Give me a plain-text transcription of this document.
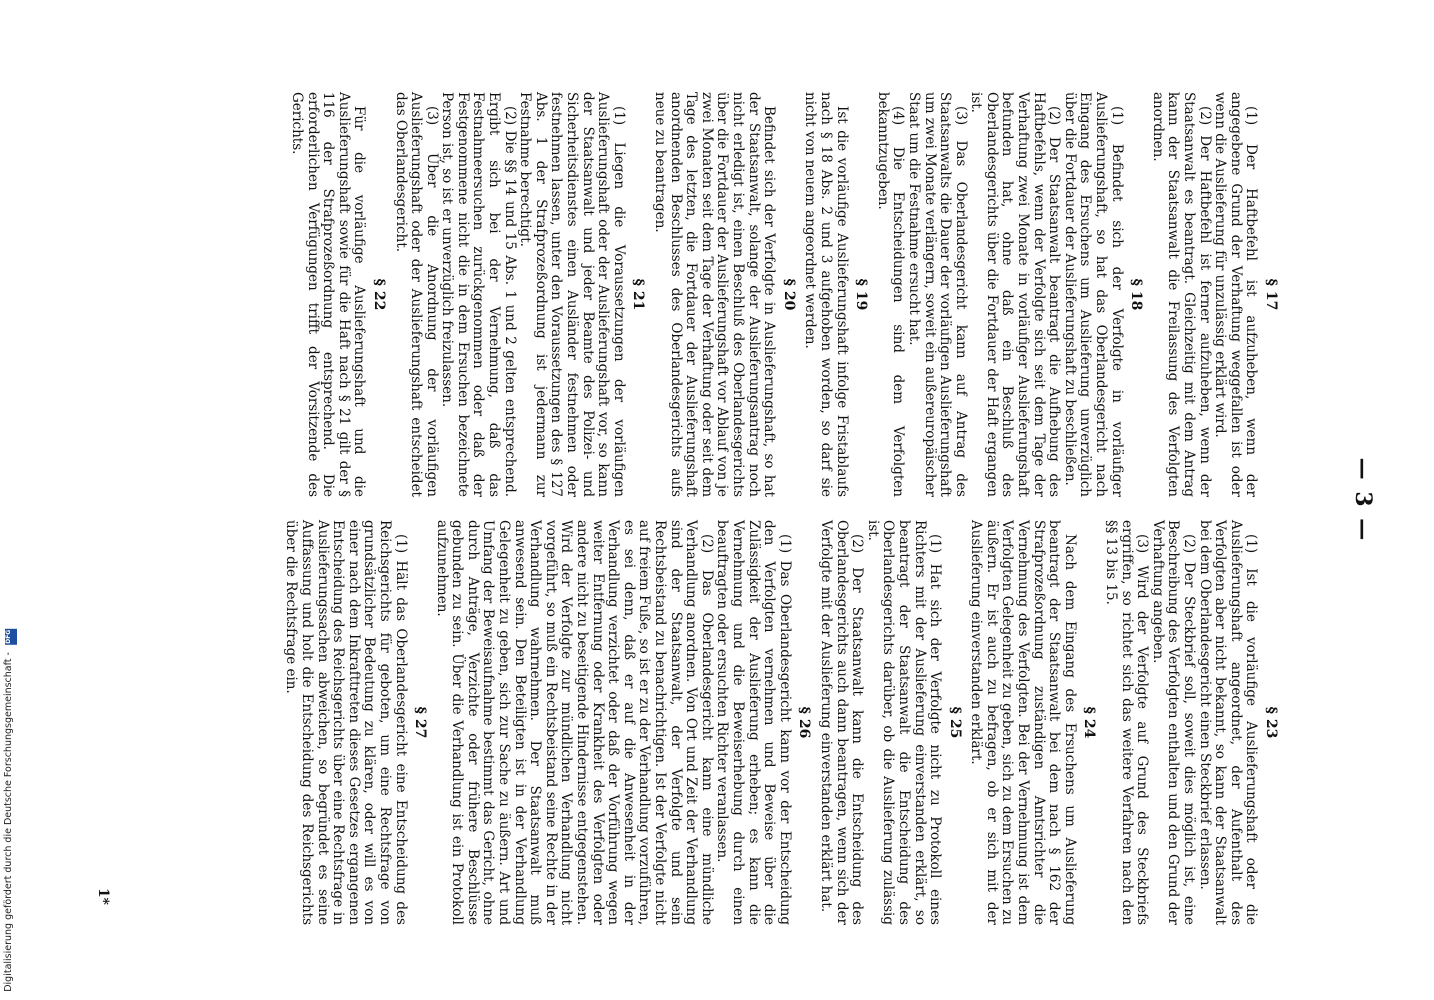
— 3 —
§ 17

(1) Der Haftbefehl ist aufzuheben, wenn der angegebene Grund der Verhaftung weggefallen ist oder wenn die Auslieferung für unzulässig erklärt wird.

(2) Der Haftbefehl ist ferner aufzuheben, wenn der Staatsanwalt es beantragt. Gleichzeitig mit dem Antrag kann der Staatsanwalt die Freilassung des Verfolgten anordnen.

§ 18

(1) Befindet sich der Verfolgte in vorläufiger Auslieferungshaft, so hat das Oberlandesgericht nach Eingang des Ersuchens um Auslieferung unverzüglich über die Fortdauer der Auslieferungshaft zu beschließen.

(2) Der Staatsanwalt beantragt die Aufhebung des Haftbefehls, wenn der Verfolgte sich seit dem Tage der Verhaftung zwei Monate in vorläufiger Auslieferungshaft befunden hat, ohne daß ein Beschluß des Oberlandesgerichts über die Fortdauer der Haft ergangen ist.

(3) Das Oberlandesgericht kann auf Antrag des Staatsanwalts die Dauer der vorläufigen Auslieferungshaft um zwei Monate verlängern, soweit ein außereuropäischer Staat um die Festnahme ersucht hat.

(4) Die Entscheidungen sind dem Verfolgten bekanntzugeben.

§ 19

Ist die vorläufige Auslieferungshaft infolge Fristablaufs nach § 18 Abs. 2 und 3 aufgehoben worden, so darf sie nicht von neuem angeordnet werden.

§ 20

Befindet sich der Verfolgte in Auslieferungshaft, so hat der Staatsanwalt, solange der Auslieferungsantrag noch nicht erledigt ist, einen Beschluß des Oberlandesgerichts über die Fortdauer der Auslieferungshaft vor Ablauf von je zwei Monaten seit dem Tage der Verhaftung oder seit dem Tage des letzten, die Fortdauer der Auslieferungshaft anordnenden Beschlusses des Oberlandesgerichts aufs neue zu beantragen.

§ 21

(1) Liegen die Voraussetzungen der vorläufigen Auslieferungshaft oder der Auslieferungshaft vor, so kann der Staatsanwalt und jeder Beamte des Polizei- und Sicherheitsdienstes einen Ausländer festnehmen oder festnehmen lassen, unter den Voraussetzungen des § 127 Abs. 1 der Strafprozeßordnung ist jedermann zur Festnahme berechtigt.

(2) Die §§ 14 und 15 Abs. 1 und 2 gelten entsprechend. Ergibt sich bei der Vernehmung, daß das Festnahmeersuchen zurückgenommen oder daß der Festgenommene nicht die in dem Ersuchen bezeichnete Person ist, so ist er unverzüglich freizulassen.

(3) Über die Anordnung der vorläufigen Auslieferungshaft oder der Auslieferungshaft entscheidet das Oberlandesgericht.

§ 22

Für die vorläufige Auslieferungshaft und die Auslieferungshaft sowie für die Haft nach § 21 gilt der § 116 der Strafprozeßordnung entsprechend. Die erforderlichen Verfügungen trifft der Vorsitzende des Gerichts.

§ 23

(1) Ist die vorläufige Auslieferungshaft oder die Auslieferungshaft angeordnet, der Aufenthalt des Verfolgten aber nicht bekannt, so kann der Staatsanwalt bei dem Oberlandesgericht einen Steckbrief erlassen.

(2) Der Steckbrief soll, soweit dies möglich ist, eine Beschreibung des Verfolgten enthalten und den Grund der Verhaftung angeben.

(3) Wird der Verfolgte auf Grund des Steckbriefs ergriffen, so richtet sich das weitere Verfahren nach den §§ 13 bis 15.

§ 24

Nach dem Eingang des Ersuchens um Auslieferung beantragt der Staatsanwalt bei dem nach § 162 der Strafprozeßordnung zuständigen Amtsrichter die Vernehmung des Verfolgten. Bei der Vernehmung ist dem Verfolgten Gelegenheit zu geben, sich zu dem Ersuchen zu äußern. Er ist auch zu befragen, ob er sich mit der Auslieferung einverstanden erklärt.

§ 25

(1) Hat sich der Verfolgte nicht zu Protokoll eines Richters mit der Auslieferung einverstanden erklärt, so beantragt der Staatsanwalt die Entscheidung des Oberlandesgerichts darüber, ob die Auslieferung zulässig ist.

(2) Der Staatsanwalt kann die Entscheidung des Oberlandesgerichts auch dann beantragen, wenn sich der Verfolgte mit der Auslieferung einverstanden erklärt hat.

§ 26

(1) Das Oberlandesgericht kann vor der Entscheidung den Verfolgten vernehmen und Beweise über die Zulässigkeit der Auslieferung erheben; es kann die Vernehmung und die Beweiserhebung durch einen beauftragten oder ersuchten Richter veranlassen.

(2) Das Oberlandesgericht kann eine mündliche Verhandlung anordnen. Von Ort und Zeit der Verhandlung sind der Staatsanwalt, der Verfolgte und sein Rechtsbeistand zu benachrichtigen. Ist der Verfolgte nicht auf freiem Fuße, so ist er zu der Verhandlung vorzuführen, es sei denn, daß er auf die Anwesenheit in der Verhandlung verzichtet oder daß der Vorführung wegen weiter Entfernung oder Krankheit des Verfolgten oder andere nicht zu beseitigende Hindernisse entgegenstehen. Wird der Verfolgte zur mündlichen Verhandlung nicht vorgeführt, so muß ein Rechtsbeistand seine Rechte in der Verhandlung wahrnehmen. Der Staatsanwalt muß anwesend sein. Den Beteiligten ist in der Verhandlung Gelegenheit zu geben, sich zur Sache zu äußern. Art und Umfang der Beweisaufnahme bestimmt das Gericht, ohne durch Anträge, Verzichte oder frühere Beschlüsse gebunden zu sein. Über die Verhandlung ist ein Protokoll aufzunehmen.

§ 27

(1) Hält das Oberlandesgericht eine Entscheidung des Reichsgerichts für geboten, um eine Rechtsfrage von grundsätzlicher Bedeutung zu klären, oder will es von einer nach dem Inkrafttreten dieses Gesetzes ergangenen Entscheidung des Reichsgerichts über eine Rechtsfrage in Auslieferungssachen abweichen, so begründet es seine Auffassung und holt die Entscheidung des Reichsgerichts über die Rechtsfrage ein.

1*
Digitalisierung gefördert durch die Deutsche Forschungsgemeinschaft - DFG
